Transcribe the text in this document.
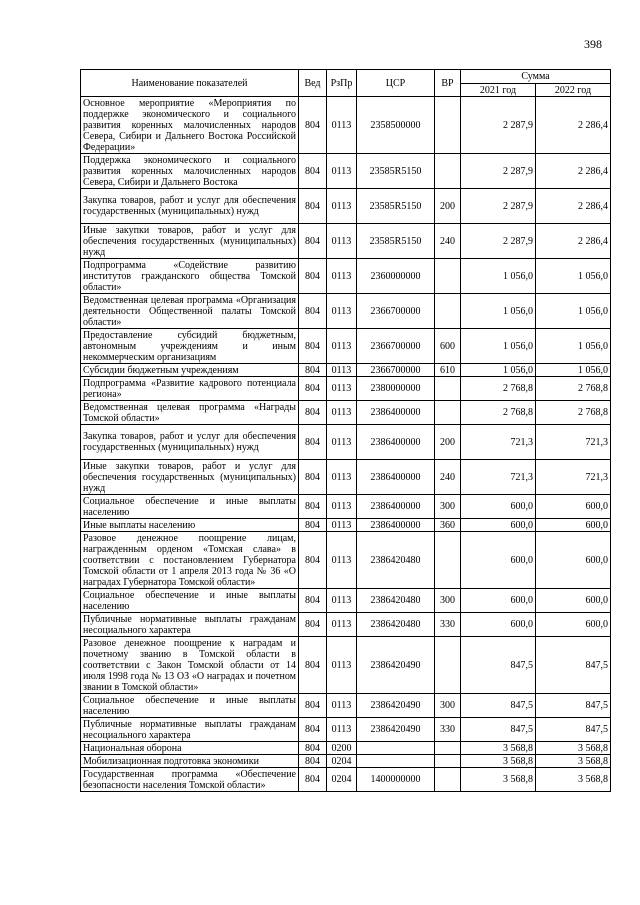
398
Наименование показателей	Вед	РзПр	ЦСР	ВР	Сумма	
					2021 год	2022 год
Основное мероприятие «Мероприятия по поддержке экономического и социального развития коренных малочисленных народов Севера, Сибири и Дальнего Востока Российской Федерации»	804	0113	2358500000		2 287,9	2 286,4
Поддержка экономического и социального развития коренных малочисленных народов Севера, Сибири и Дальнего Востока	804	0113	23585R5150		2 287,9	2 286,4
Закупка товаров, работ и услуг для обеспечения государственных (муниципальных) нужд	804	0113	23585R5150	200	2 287,9	2 286,4
Иные закупки товаров, работ и услуг для обеспечения государственных (муниципальных) нужд	804	0113	23585R5150	240	2 287,9	2 286,4
Подпрограмма «Содействие развитию институтов гражданского общества Томской области»	804	0113	2360000000		1 056,0	1 056,0
Ведомственная целевая программа «Организация деятельности Общественной палаты Томской области»	804	0113	2366700000		1 056,0	1 056,0
Предоставление субсидий бюджетным, автономным учреждениям и иным некоммерческим организациям	804	0113	2366700000	600	1 056,0	1 056,0
Субсидии бюджетным учреждениям	804	0113	2366700000	610	1 056,0	1 056,0
Подпрограмма «Развитие кадрового потенциала региона»	804	0113	2380000000		2 768,8	2 768,8
Ведомственная целевая программа «Награды Томской области»	804	0113	2386400000		2 768,8	2 768,8
Закупка товаров, работ и услуг для обеспечения государственных (муниципальных) нужд	804	0113	2386400000	200	721,3	721,3
Иные закупки товаров, работ и услуг для обеспечения государственных (муниципальных) нужд	804	0113	2386400000	240	721,3	721,3
Социальное обеспечение и иные выплаты населению	804	0113	2386400000	300	600,0	600,0
Иные выплаты населению	804	0113	2386400000	360	600,0	600,0
Разовое денежное поощрение лицам, награжденным орденом «Томская слава» в соответствии с постановлением Губернатора Томской области от 1 апреля 2013 года № 36 «О наградах Губернатора Томской области»	804	0113	2386420480		600,0	600,0
Социальное обеспечение и иные выплаты населению	804	0113	2386420480	300	600,0	600,0
Публичные нормативные выплаты гражданам несоциального характера	804	0113	2386420480	330	600,0	600,0
Разовое денежное поощрение к наградам и почетному званию в Томской области в соответствии с Закон Томской области от 14 июля 1998 года № 13 ОЗ «О наградах и почетном звании в Томской области»	804	0113	2386420490		847,5	847,5
Социальное обеспечение и иные выплаты населению	804	0113	2386420490	300	847,5	847,5
Публичные нормативные выплаты гражданам несоциального характера	804	0113	2386420490	330	847,5	847,5
Национальная оборона	804	0200			3 568,8	3 568,8
Мобилизационная подготовка экономики	804	0204			3 568,8	3 568,8
Государственная программа «Обеспечение безопасности населения Томской области»	804	0204	1400000000		3 568,8	3 568,8
